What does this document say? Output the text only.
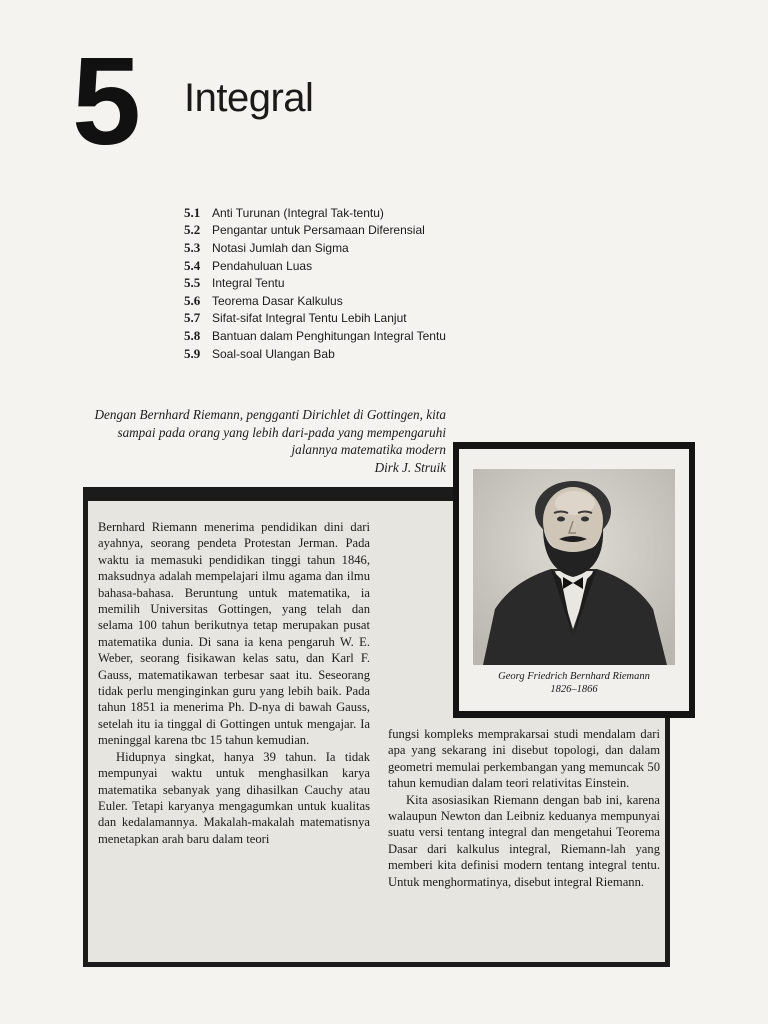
5 Integral
5.1 Anti Turunan (Integral Tak-tentu)
5.2 Pengantar untuk Persamaan Diferensial
5.3 Notasi Jumlah dan Sigma
5.4 Pendahuluan Luas
5.5 Integral Tentu
5.6 Teorema Dasar Kalkulus
5.7 Sifat-sifat Integral Tentu Lebih Lanjut
5.8 Bantuan dalam Penghitungan Integral Tentu
5.9 Soal-soal Ulangan Bab
Dengan Bernhard Riemann, pengganti Dirichlet di Gottingen, kita sampai pada orang yang lebih dari-pada yang mempengaruhi jalannya matematika modern
Dirk J. Struik

Bernhard Riemann menerima pendidikan dini dari ayahnya, seorang pendeta Protestan Jerman. Pada waktu ia memasuki pendidikan tinggi tahun 1846, maksudnya adalah mempelajari ilmu agama dan ilmu bahasa-bahasa. Beruntung untuk matematika, ia memilih Universitas Gottingen, yang telah dan selama 100 tahun berikutnya tetap merupakan pusat matematika dunia. Di sana ia kena pengaruh W. E. Weber, seorang fisikawan kelas satu, dan Karl F. Gauss, matematikawan terbesar saat itu. Seseorang tidak perlu menginginkan guru yang lebih baik. Pada tahun 1851 ia menerima Ph. D-nya di bawah Gauss, setelah itu ia tinggal di Gottingen untuk mengajar. Ia meninggal karena tbc 15 tahun kemudian.

Hidupnya singkat, hanya 39 tahun. Ia tidak mempunyai waktu untuk menghasilkan karya matematika sebanyak yang dihasilkan Cauchy atau Euler. Tetapi karyanya mengagumkan untuk kualitas dan kedalamannya. Makalah-makalah matematisnya menetapkan arah baru dalam teori

fungsi kompleks memprakarsai studi mendalam dari apa yang sekarang ini disebut topologi, dan dalam geometri memulai perkembangan yang memuncak 50 tahun kemudian dalam teori relativitas Einstein.

Kita asosiasikan Riemann dengan bab ini, karena walaupun Newton dan Leibniz keduanya mempunyai suatu versi tentang integral dan mengetahui Teorema Dasar dari kalkulus integral, Riemann-lah yang memberi kita definisi modern tentang integral tentu. Untuk menghormatinya, disebut integral Riemann.

Georg Friedrich Bernhard Riemann
1826–1866
